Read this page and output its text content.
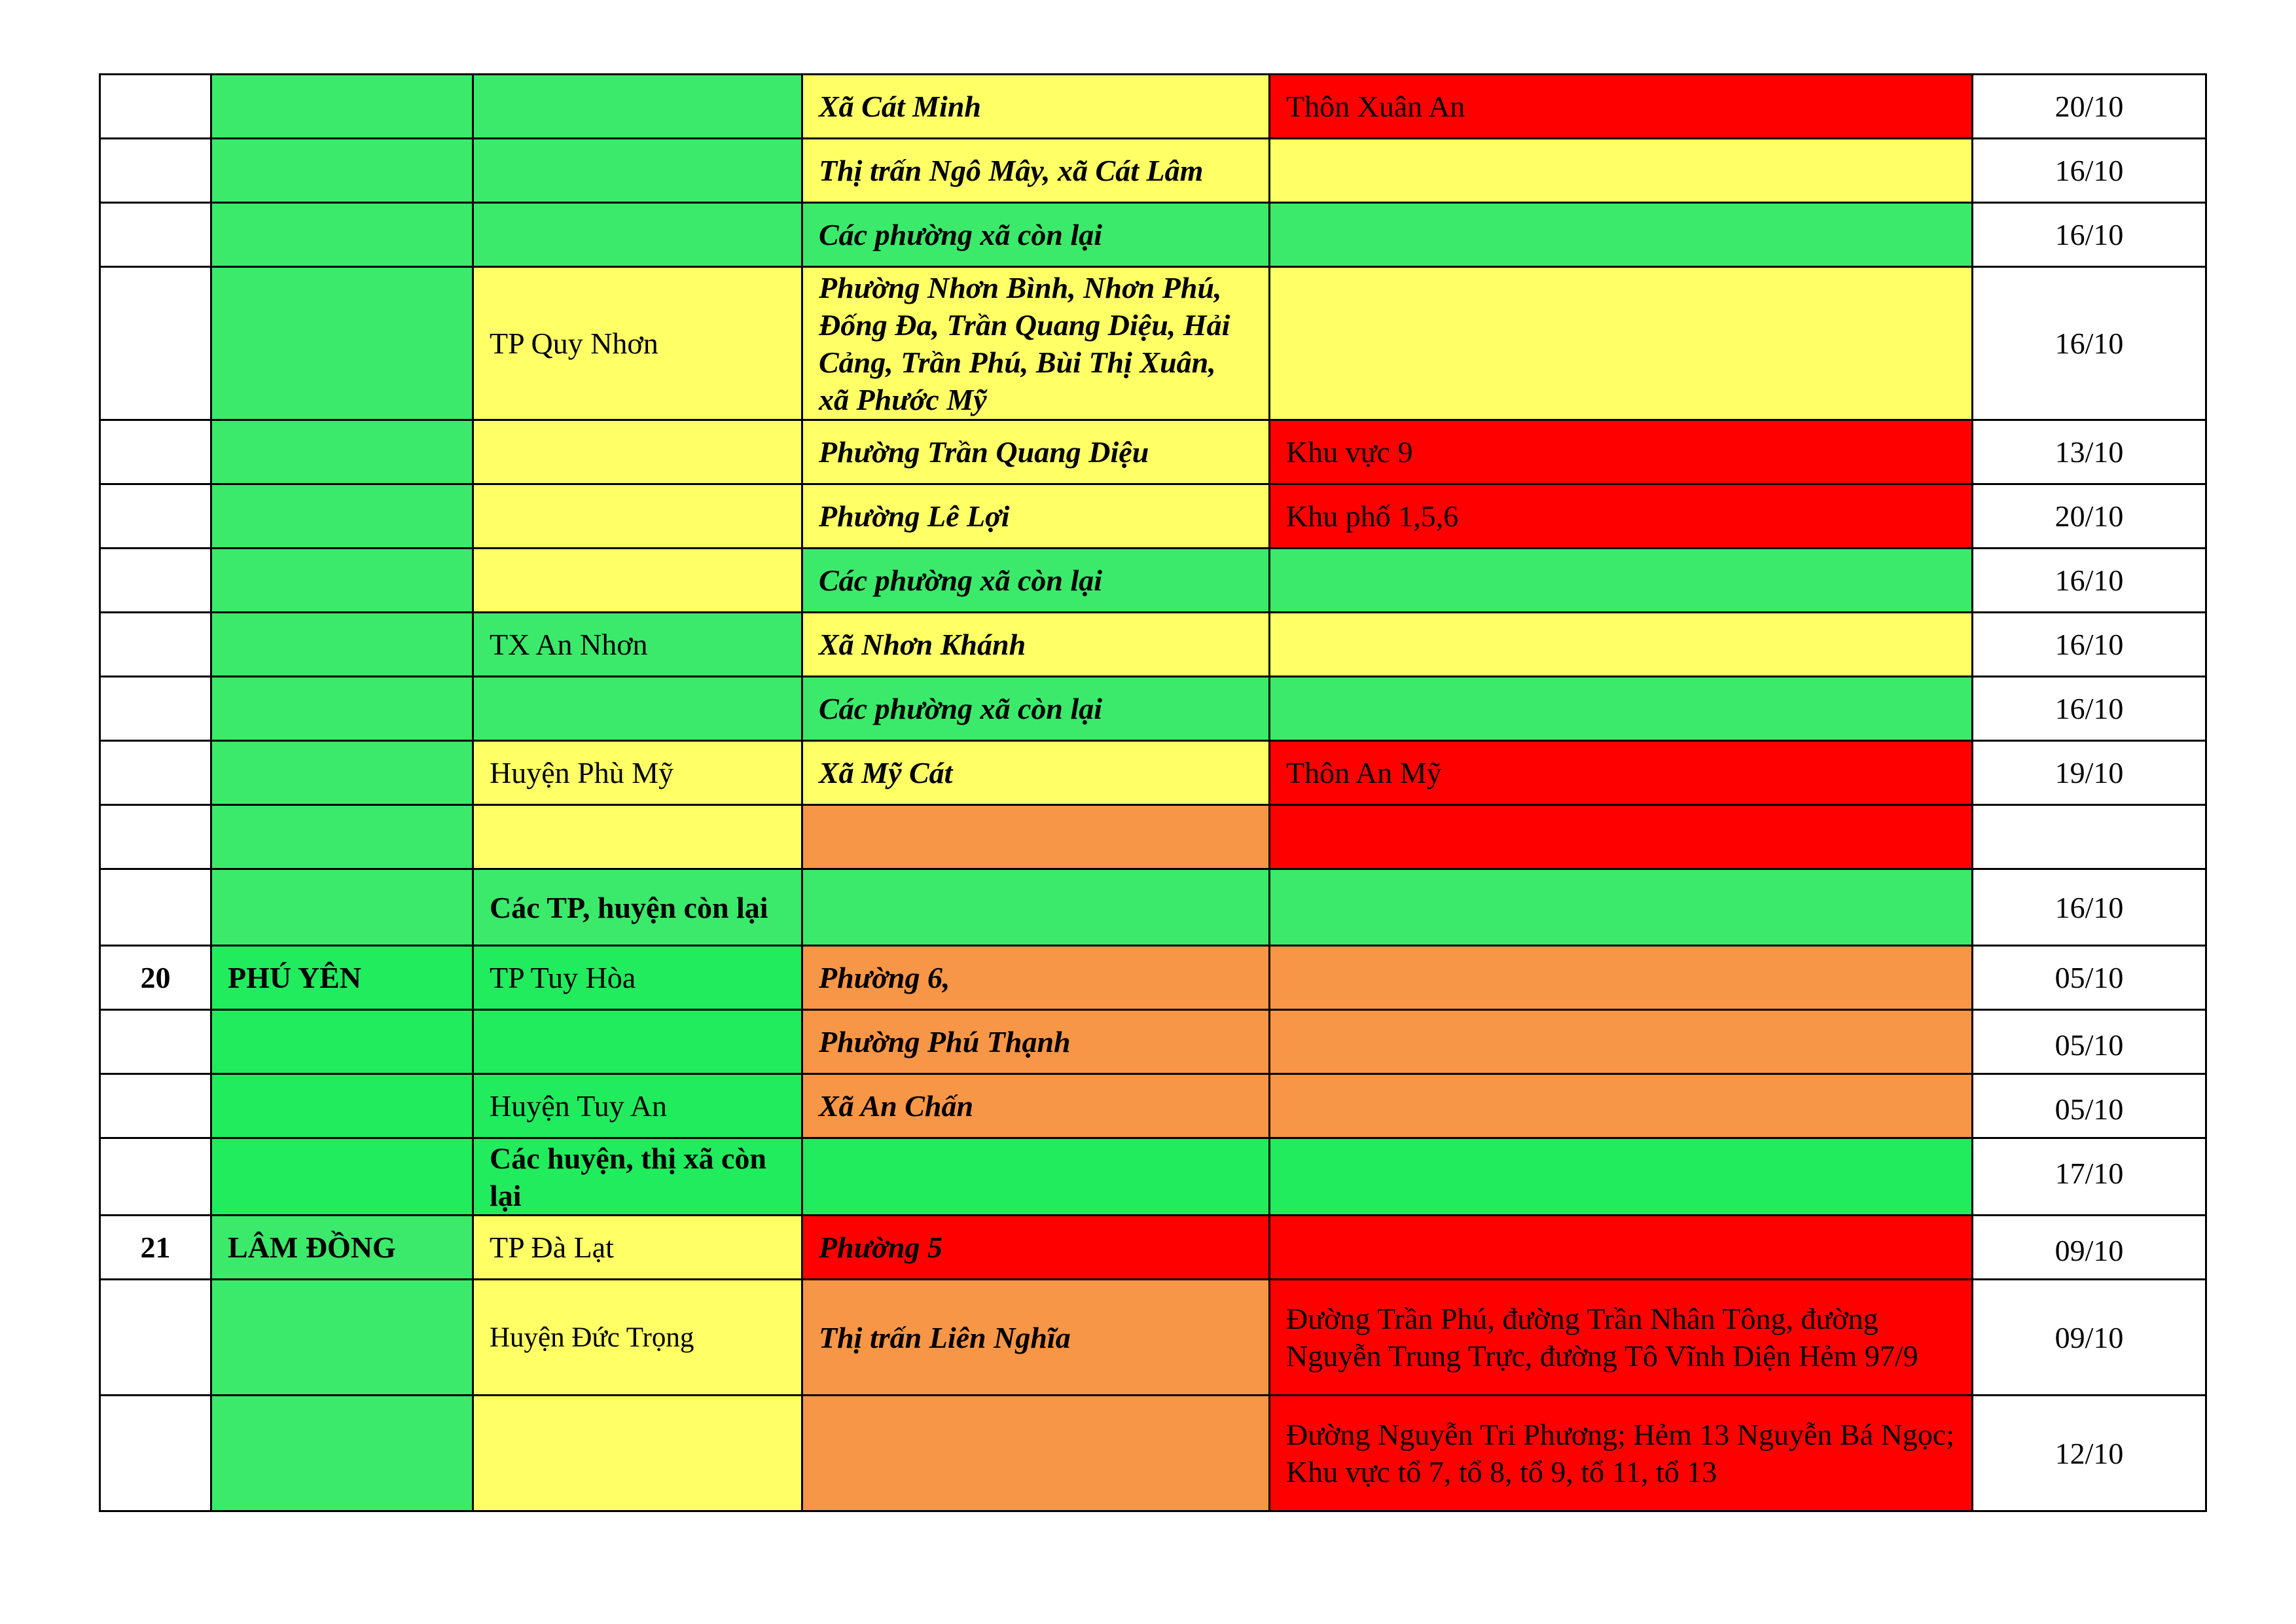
			Xã Cát Minh	Thôn Xuân An	20/10
			Thị trấn Ngô Mây, xã Cát Lâm		16/10
			Các phường xã còn lại		16/10
		TP Quy Nhơn	Phường Nhơn Bình, Nhơn Phú, Đống Đa, Trần Quang Diệu, Hải Cảng, Trần Phú, Bùi Thị Xuân, xã Phước Mỹ		16/10
			Phường Trần Quang Diệu	Khu vực 9	13/10
			Phường Lê Lợi	Khu phố 1,5,6	20/10
			Các phường xã còn lại		16/10
		TX An Nhơn	Xã Nhơn Khánh		16/10
			Các phường xã còn lại		16/10
		Huyện Phù Mỹ	Xã Mỹ Cát	Thôn An Mỹ	19/10

		Các TP, huyện còn lại			16/10
20	PHÚ YÊN	TP Tuy Hòa	Phường 6,		05/10
			Phường Phú Thạnh		05/10
		Huyện Tuy An	Xã An Chấn		05/10
		Các huyện, thị xã còn lại			17/10
21	LÂM ĐỒNG	TP Đà Lạt	Phường 5		09/10
		Huyện Đức Trọng	Thị trấn Liên Nghĩa	Đường Trần Phú, đường Trần Nhân Tông, đường Nguyễn Trung Trực, đường Tô Vĩnh Diện Hẻm 97/9	09/10
				Đường Nguyễn Tri Phương; Hẻm 13 Nguyễn Bá Ngọc; Khu vực tổ 7, tổ 8, tổ 9, tổ 11, tổ 13	12/10
